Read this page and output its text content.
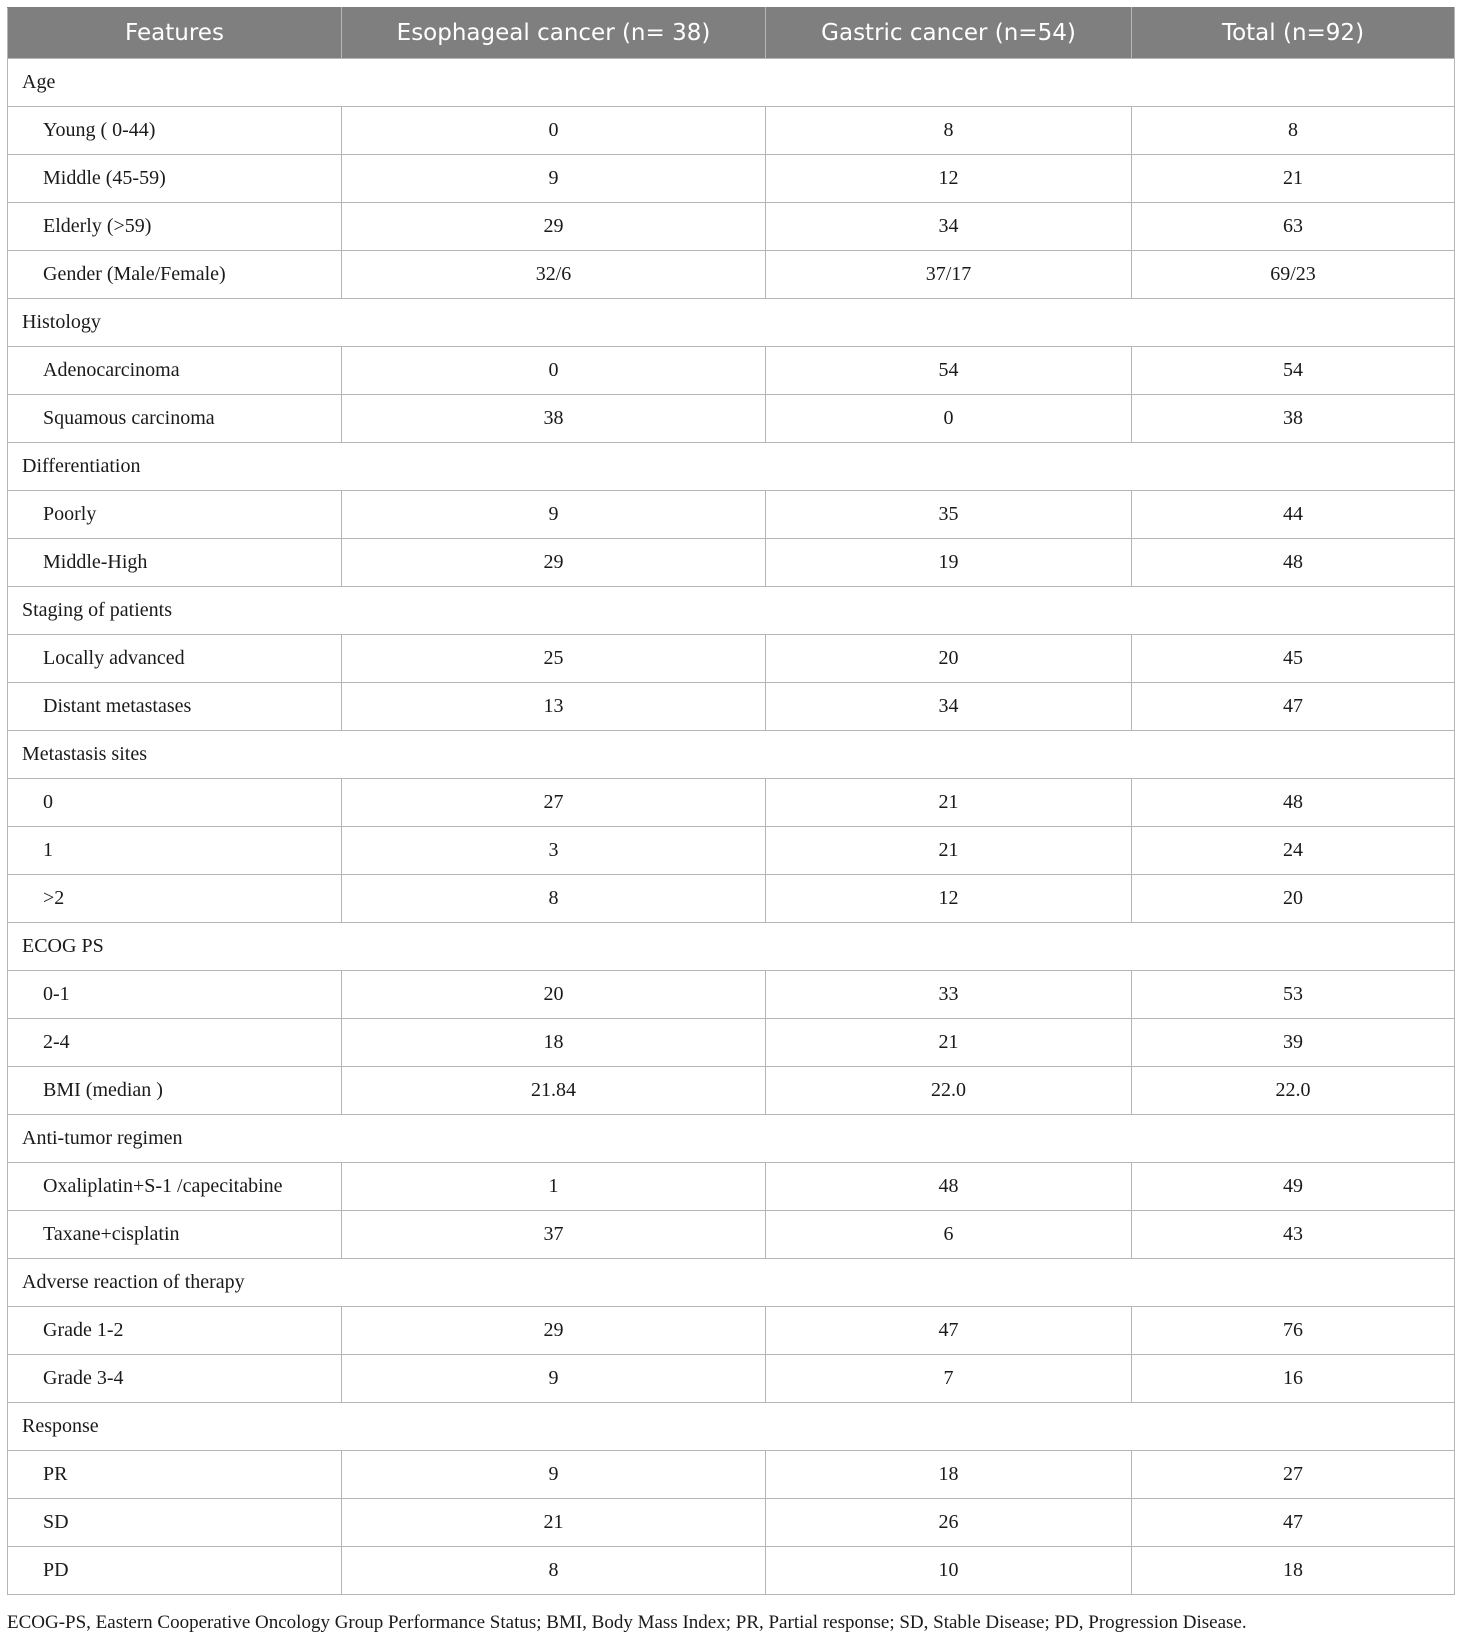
Features	Esophageal cancer (n= 38)	Gastric cancer (n=54)	Total (n=92)
Age			
Young ( 0-44)	0	8	8
Middle (45-59)	9	12	21
Elderly (>59)	29	34	63
Gender (Male/Female)	32/6	37/17	69/23
Histology			
Adenocarcinoma	0	54	54
Squamous carcinoma	38	0	38
Differentiation			
Poorly	9	35	44
Middle-High	29	19	48
Staging of patients			
Locally advanced	25	20	45
Distant metastases	13	34	47
Metastasis sites			
0	27	21	48
1	3	21	24
>2	8	12	20
ECOG PS			
0-1	20	33	53
2-4	18	21	39
BMI (median )	21.84	22.0	22.0
Anti-tumor regimen			
Oxaliplatin+S-1 /capecitabine	1	48	49
Taxane+cisplatin	37	6	43
Adverse reaction of therapy			
Grade 1-2	29	47	76
Grade 3-4	9	7	16
Response			
PR	9	18	27
SD	21	26	47
PD	8	10	18
ECOG-PS, Eastern Cooperative Oncology Group Performance Status; BMI, Body Mass Index; PR, Partial response; SD, Stable Disease; PD, Progression Disease.
